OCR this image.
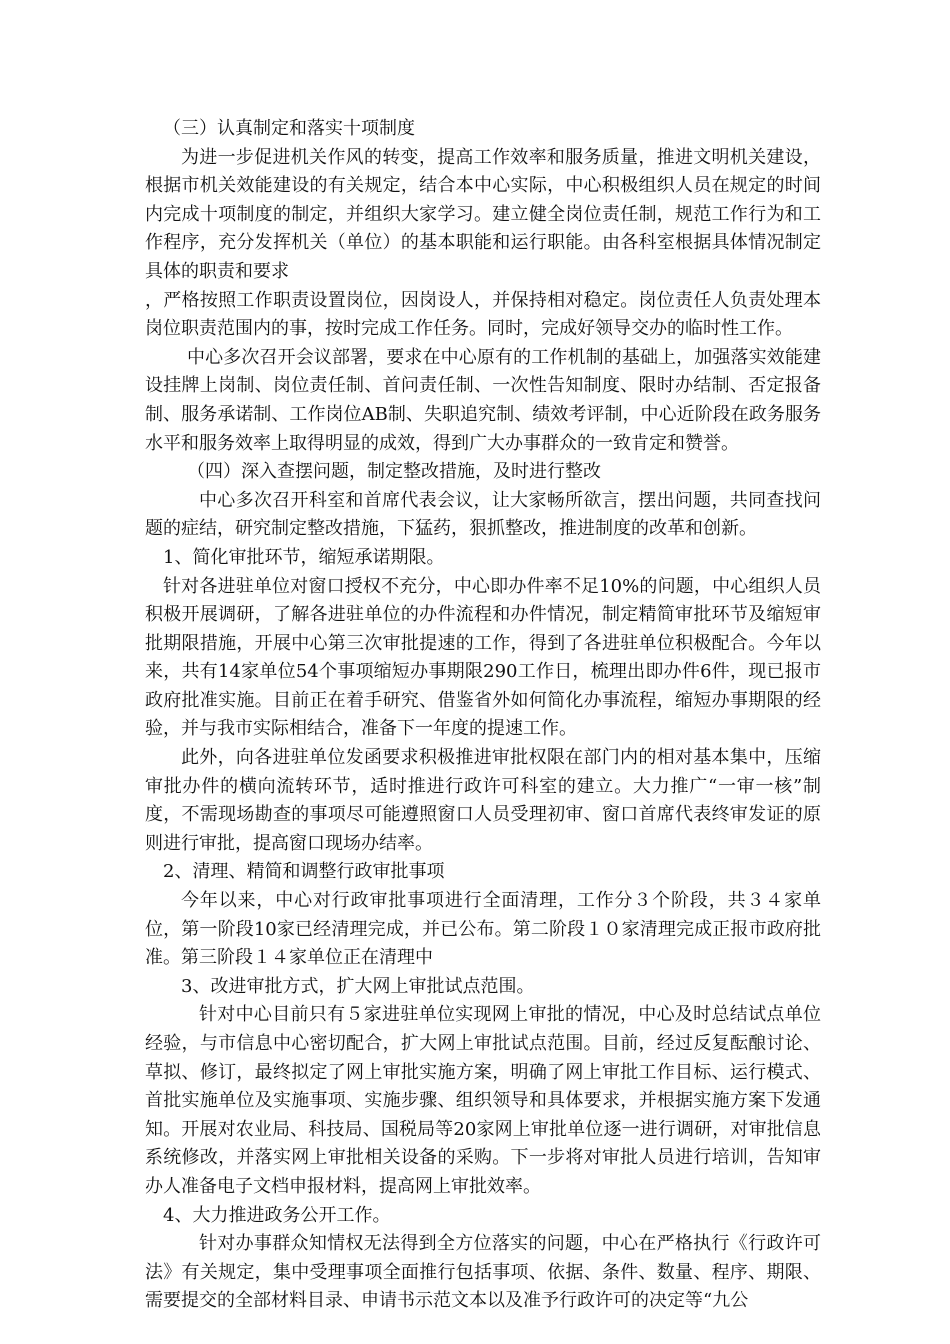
（三）认真制定和落实十项制度

为进一步促进机关作风的转变，提高工作效率和服务质量，推进文明机关建设，根据市机关效能建设的有关规定，结合本中心实际，中心积极组织人员在规定的时间内完成十项制度的制定，并组织大家学习。建立健全岗位责任制，规范工作行为和工作程序，充分发挥机关（单位）的基本职能和运行职能。由各科室根据具体情况制定具体的职责和要求

，严格按照工作职责设置岗位，因岗设人，并保持相对稳定。岗位责任人负责处理本岗位职责范围内的事，按时完成工作任务。同时，完成好领导交办的临时性工作。

中心多次召开会议部署，要求在中心原有的工作机制的基础上，加强落实效能建设挂牌上岗制、岗位责任制、首问责任制、一次性告知制度、限时办结制、否定报备制、服务承诺制、工作岗位AB制、失职追究制、绩效考评制，中心近阶段在政务服务水平和服务效率上取得明显的成效，得到广大办事群众的一致肯定和赞誉。

（四）深入查摆问题，制定整改措施，及时进行整改

中心多次召开科室和首席代表会议，让大家畅所欲言，摆出问题，共同查找问题的症结，研究制定整改措施，下猛药，狠抓整改，推进制度的改革和创新。

1、简化审批环节，缩短承诺期限。

针对各进驻单位对窗口授权不充分，中心即办件率不足10%的问题，中心组织人员积极开展调研，了解各进驻单位的办件流程和办件情况，制定精简审批环节及缩短审批期限措施，开展中心第三次审批提速的工作，得到了各进驻单位积极配合。今年以来，共有14家单位54个事项缩短办事期限290工作日，梳理出即办件6件，现已报市政府批准实施。目前正在着手研究、借鉴省外如何简化办事流程，缩短办事期限的经验，并与我市实际相结合，准备下一年度的提速工作。

此外，向各进驻单位发函要求积极推进审批权限在部门内的相对基本集中，压缩审批办件的横向流转环节，适时推进行政许可科室的建立。大力推广“一审一核”制度，不需现场勘查的事项尽可能遵照窗口人员受理初审、窗口首席代表终审发证的原则进行审批，提高窗口现场办结率。

2、清理、精简和调整行政审批事项

今年以来，中心对行政审批事项进行全面清理，工作分３个阶段，共３４家单位，第一阶段10家已经清理完成，并已公布。第二阶段１０家清理完成正报市政府批准。第三阶段１４家单位正在清理中

3、改进审批方式，扩大网上审批试点范围。

针对中心目前只有５家进驻单位实现网上审批的情况，中心及时总结试点单位经验，与市信息中心密切配合，扩大网上审批试点范围。目前，经过反复酝酿讨论、草拟、修订，最终拟定了网上审批实施方案，明确了网上审批工作目标、运行模式、首批实施单位及实施事项、实施步骤、组织领导和具体要求，并根据实施方案下发通知。开展对农业局、科技局、国税局等20家网上审批单位逐一进行调研，对审批信息系统修改，并落实网上审批相关设备的采购。下一步将对审批人员进行培训，告知审办人准备电子文档申报材料，提高网上审批效率。

4、大力推进政务公开工作。

针对办事群众知情权无法得到全方位落实的问题，中心在严格执行《行政许可法》有关规定，集中受理事项全面推行包括事项、依据、条件、数量、程序、期限、需要提交的全部材料目录、申请书示范文本以及准予行政许可的决定等“九公
